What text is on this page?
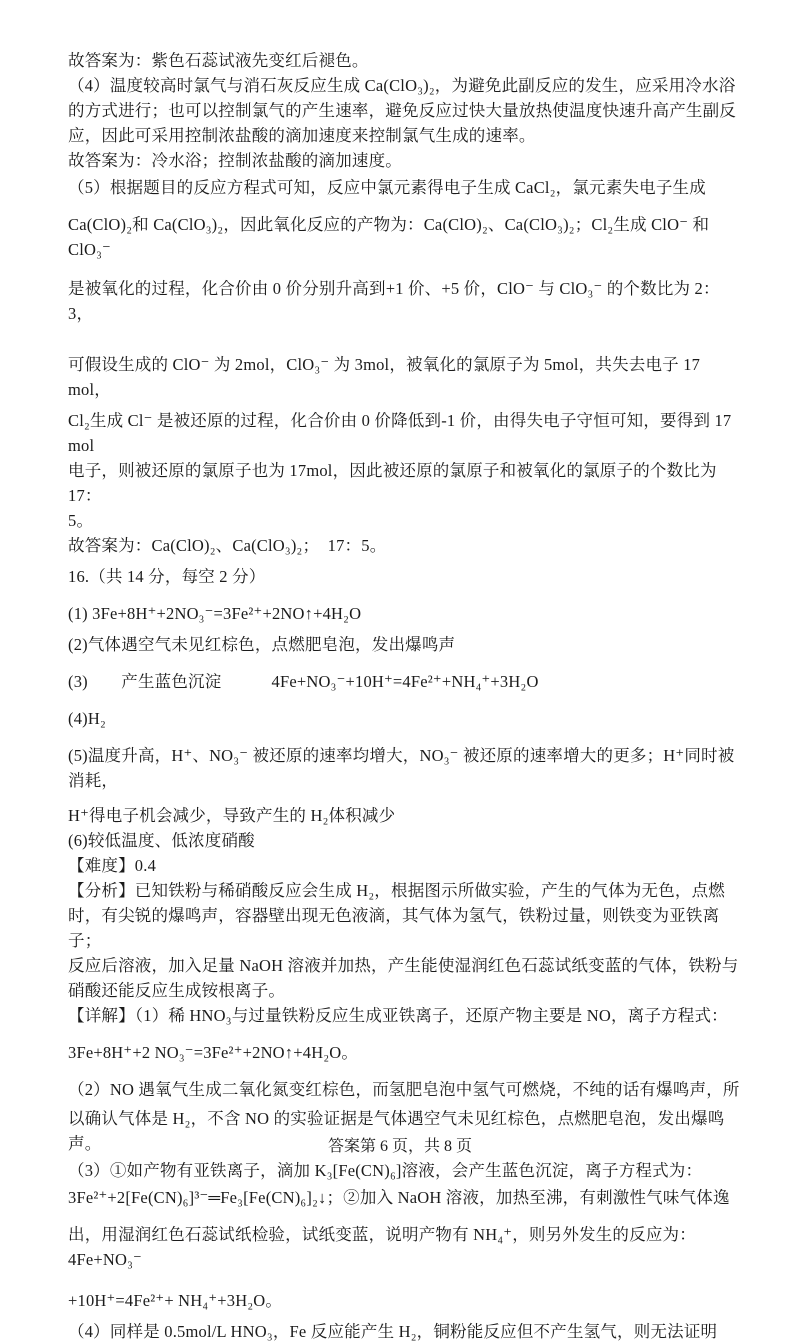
故答案为：紫色石蕊试液先变红后褪色。

（4）温度较高时氯气与消石灰反应生成 Ca(ClO₃)₂，为避免此副反应的发生，应采用冷水浴

的方式进行；也可以控制氯气的产生速率，避免反应过快大量放热使温度快速升高产生副反

应，因此可采用控制浓盐酸的滴加速度来控制氯气生成的速率。

故答案为：冷水浴；控制浓盐酸的滴加速度。

（5）根据题目的反应方程式可知，反应中氯元素得电子生成 CaCl₂，氯元素失电子生成

Ca(ClO)₂和 Ca(ClO₃)₂，因此氧化反应的产物为：Ca(ClO)₂、Ca(ClO₃)₂；Cl₂生成 ClO⁻ 和 ClO₃⁻

是被氧化的过程，化合价由 0 价分别升高到+1 价、+5 价，ClO⁻ 与 ClO₃⁻ 的个数比为 2：3，

可假设生成的 ClO⁻ 为 2mol，ClO₃⁻ 为 3mol，被氧化的氯原子为 5mol，共失去电子 17 mol，

Cl₂生成 Cl⁻ 是被还原的过程，化合价由 0 价降低到-1 价，由得失电子守恒可知，要得到 17 mol

电子，则被还原的氯原子也为 17mol，因此被还原的氯原子和被氧化的氯原子的个数比为 17：

5。

故答案为：Ca(ClO)₂、Ca(ClO₃)₂；　17：5。

16.（共 14 分，每空 2 分）

(1) 3Fe+8H⁺+2NO₃⁻=3Fe²⁺+2NO↑+4H₂O

(2)气体遇空气未见红棕色，点燃肥皂泡，发出爆鸣声

(3)　　产生蓝色沉淀　　　4Fe+NO₃⁻+10H⁺=4Fe²⁺+NH₄⁺+3H₂O

(4)H₂

(5)温度升高，H⁺、NO₃⁻ 被还原的速率均增大，NO₃⁻ 被还原的速率增大的更多；H⁺同时被消耗，

H⁺得电子机会减少，导致产生的 H₂体积减少

(6)较低温度、低浓度硝酸

【难度】0.4

【分析】已知铁粉与稀硝酸反应会生成 H₂，根据图示所做实验，产生的气体为无色，点燃

时，有尖锐的爆鸣声，容器壁出现无色液滴，其气体为氢气，铁粉过量，则铁变为亚铁离子；

反应后溶液，加入足量 NaOH 溶液并加热，产生能使湿润红色石蕊试纸变蓝的气体，铁粉与

硝酸还能反应生成铵根离子。

【详解】（1）稀 HNO₃与过量铁粉反应生成亚铁离子，还原产物主要是 NO，离子方程式：

3Fe+8H⁺+2 NO₃⁻=3Fe²⁺+2NO↑+4H₂O。

（2）NO 遇氧气生成二氧化氮变红棕色，而氢肥皂泡中氢气可燃烧，不纯的话有爆鸣声，所

以确认气体是 H₂，不含 NO 的实验证据是气体遇空气未见红棕色，点燃肥皂泡，发出爆鸣声。

（3）①如产物有亚铁离子，滴加 K₃[Fe(CN)₆]溶液，会产生蓝色沉淀，离子方程式为：

3Fe²⁺+2[Fe(CN)₆]³⁻═Fe₃[Fe(CN)₆]₂↓；②加入 NaOH 溶液，加热至沸，有刺激性气味气体逸

出，用湿润红色石蕊试纸检验，试纸变蓝，说明产物有 NH₄⁺，则另外发生的反应为：4Fe+NO₃⁻

+10H⁺=4Fe²⁺+ NH₄⁺+3H₂O。

（4）同样是 0.5mol/L HNO₃，Fe 反应能产生 H₂，铜粉能反应但不产生氢气，则无法证明

答案第 6 页，共 8 页
